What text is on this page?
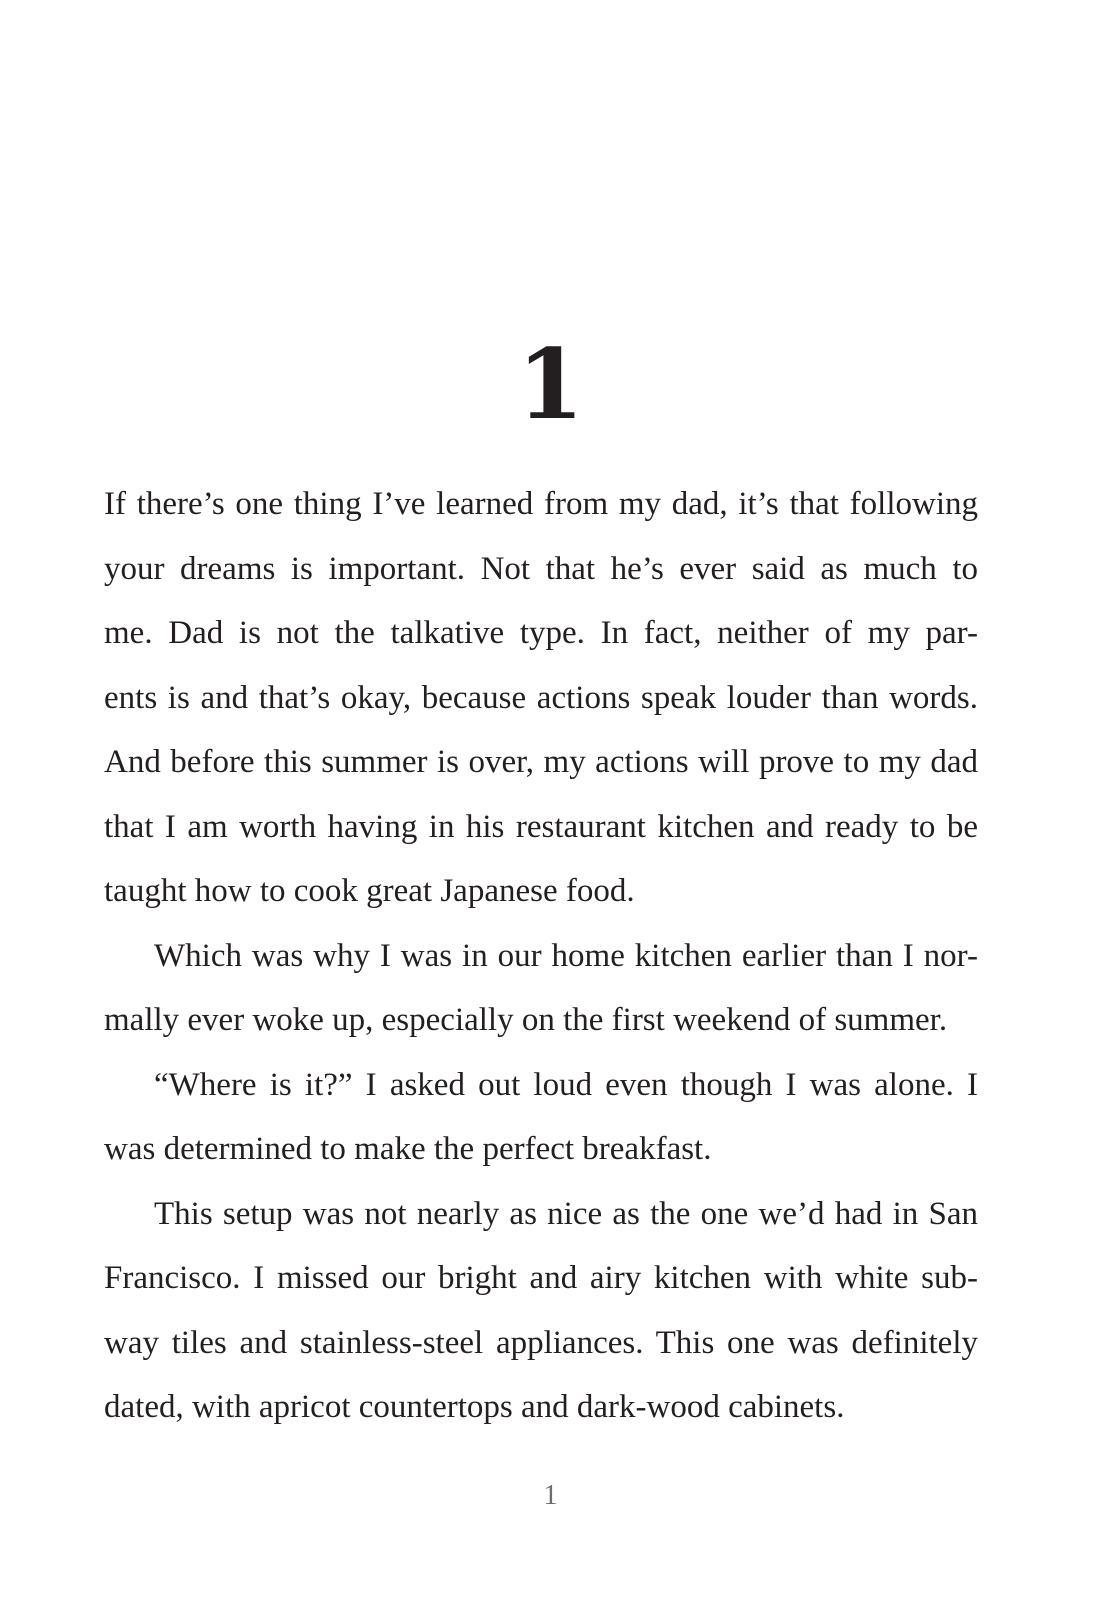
1
If there’s one thing I’ve learned from my dad, it’s that following
your dreams is important. Not that he’s ever said as much to
me. Dad is not the talkative type. In fact, neither of my par-
ents is and that’s okay, because actions speak louder than words.
And before this summer is over, my actions will prove to my dad
that I am worth having in his restaurant kitchen and ready to be
taught how to cook great Japanese food.
Which was why I was in our home kitchen earlier than I nor-
mally ever woke up, especially on the first weekend of summer.
“Where is it?” I asked out loud even though I was alone. I
was determined to make the perfect breakfast.
This setup was not nearly as nice as the one we’d had in San
Francisco. I missed our bright and airy kitchen with white sub-
way tiles and stainless-steel appliances. This one was definitely
dated, with apricot countertops and dark-wood cabinets.
1
